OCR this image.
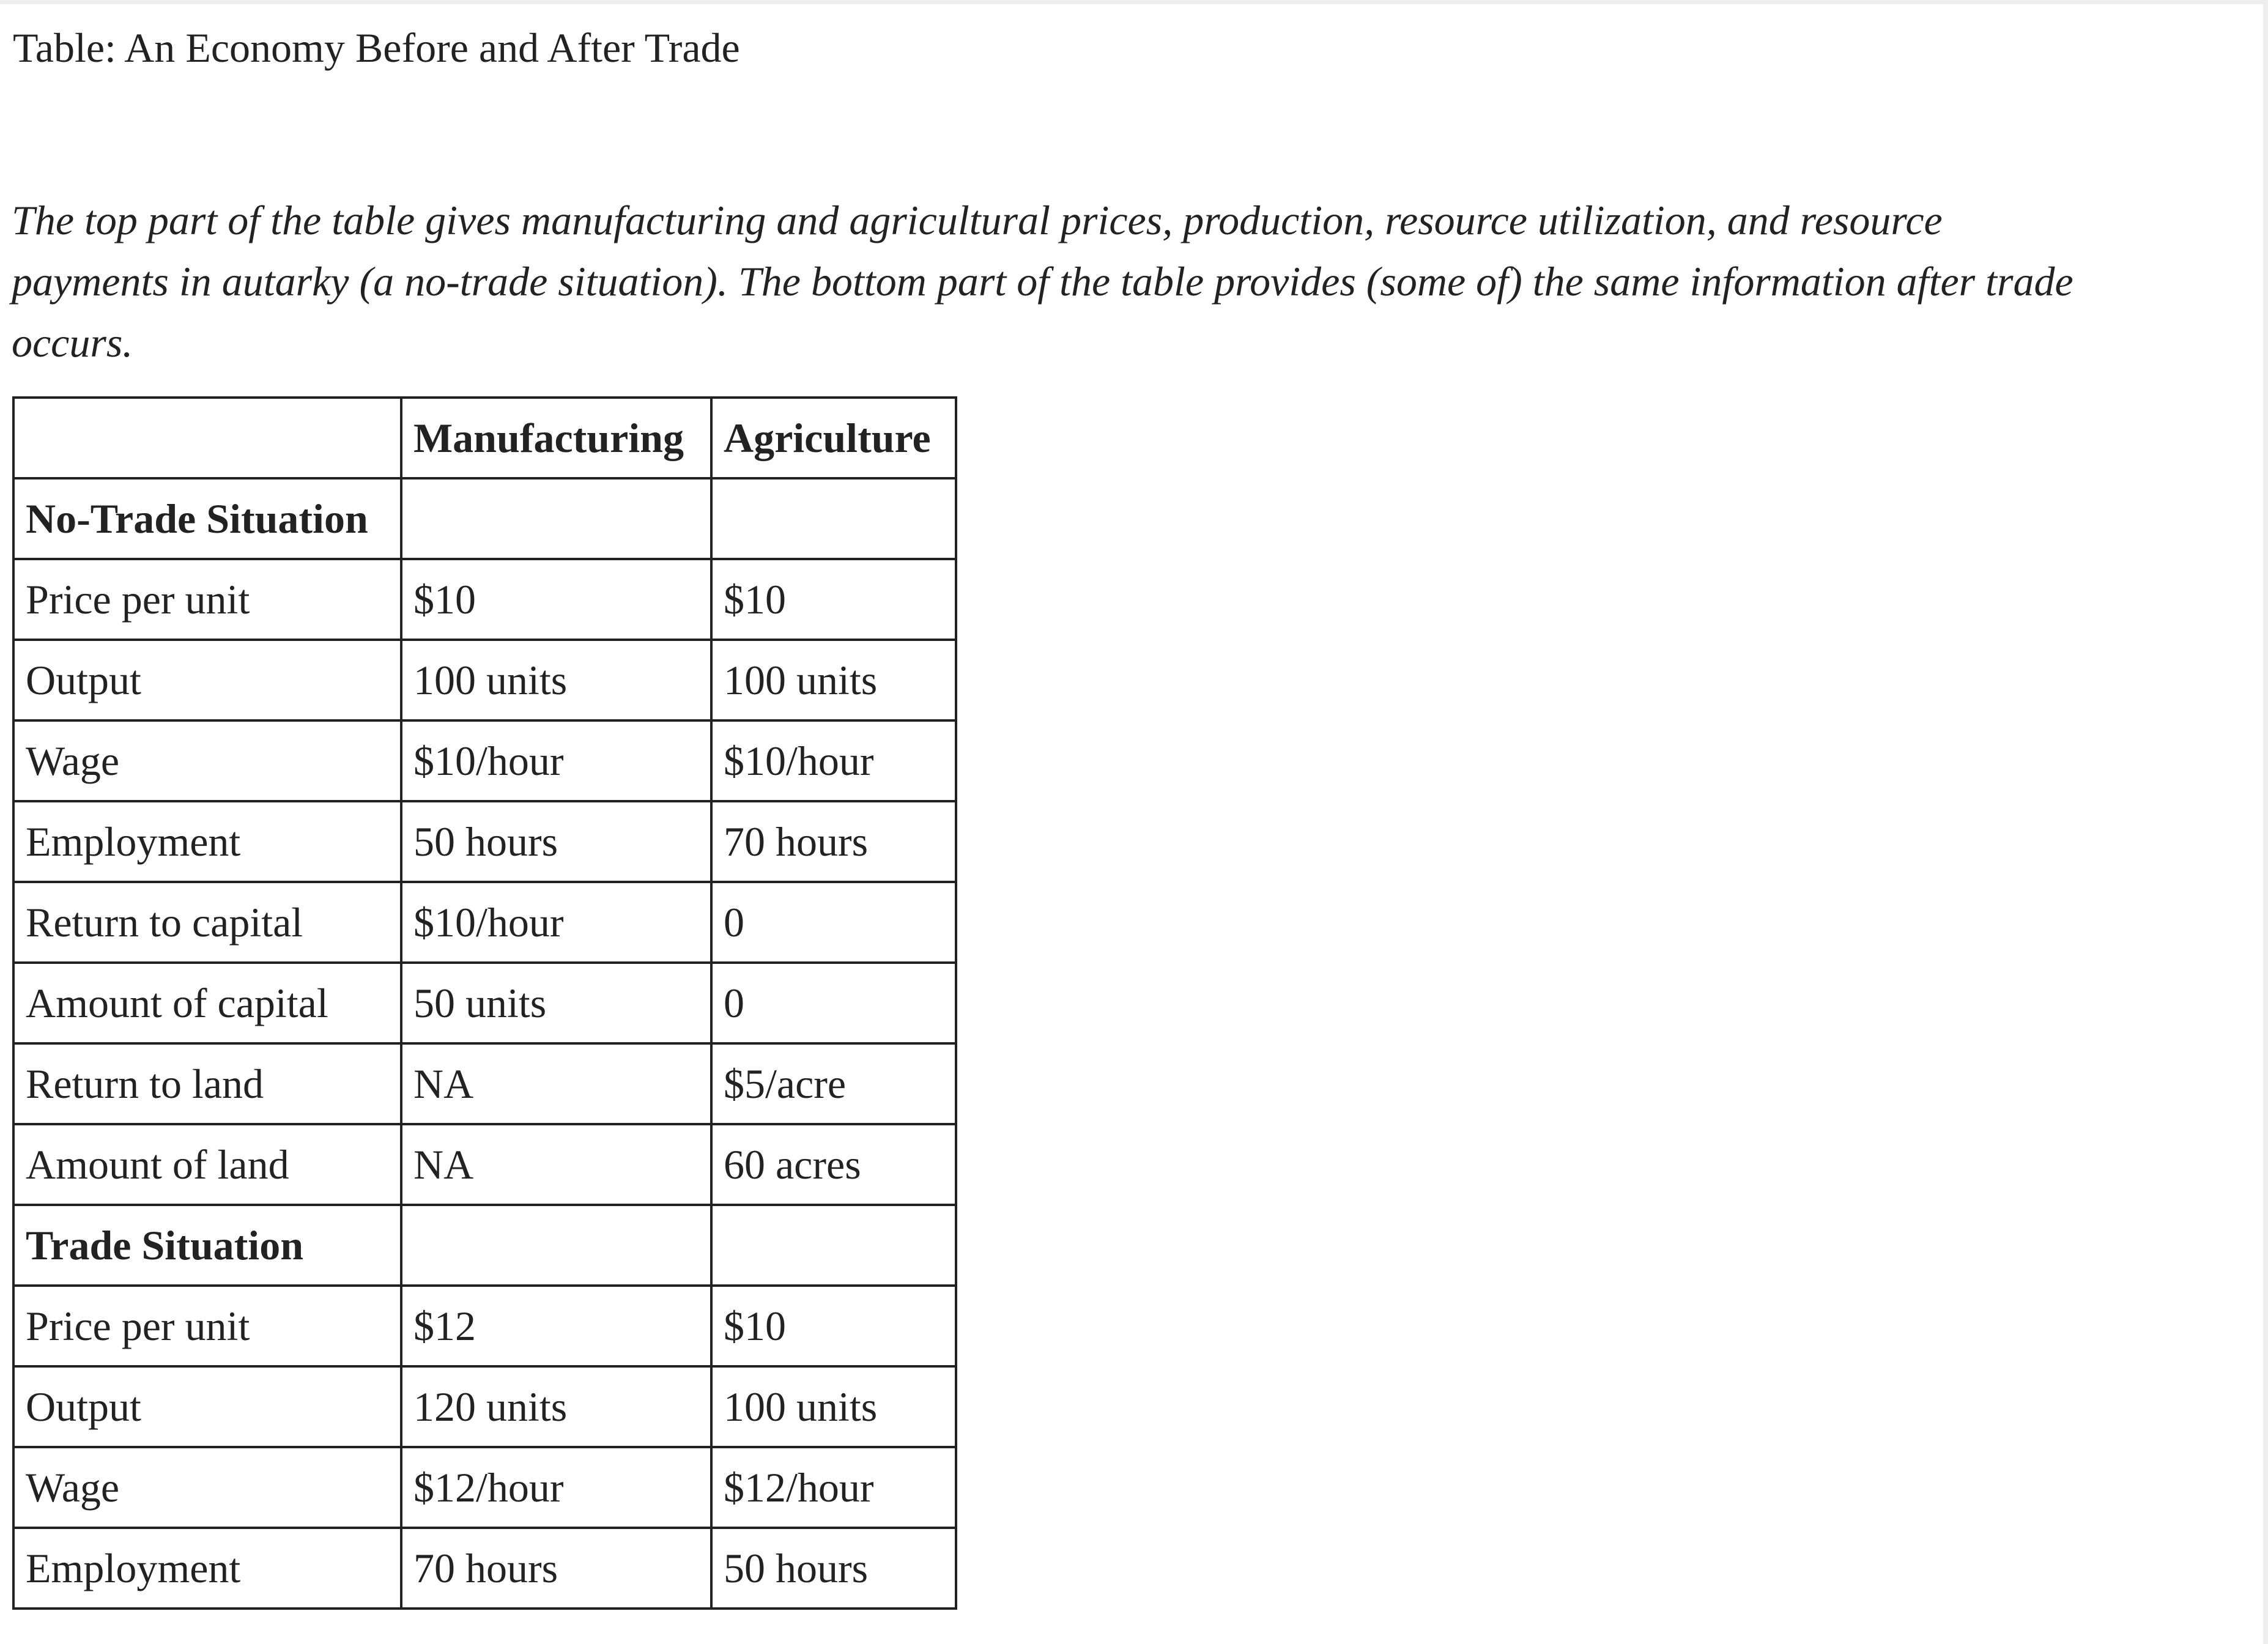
Table: An Economy Before and After Trade
The top part of the table gives manufacturing and agricultural prices, production, resource utilization, and resource
payments in autarky (a no-trade situation). The bottom part of the table provides (some of) the same information after trade
occurs.
	Manufacturing	Agriculture
No-Trade Situation		
Price per unit	$10	$10
Output	100 units	100 units
Wage	$10/hour	$10/hour
Employment	50 hours	70 hours
Return to capital	$10/hour	0
Amount of capital	50 units	0
Return to land	NA	$5/acre
Amount of land	NA	60 acres
Trade Situation		
Price per unit	$12	$10
Output	120 units	100 units
Wage	$12/hour	$12/hour
Employment	70 hours	50 hours
